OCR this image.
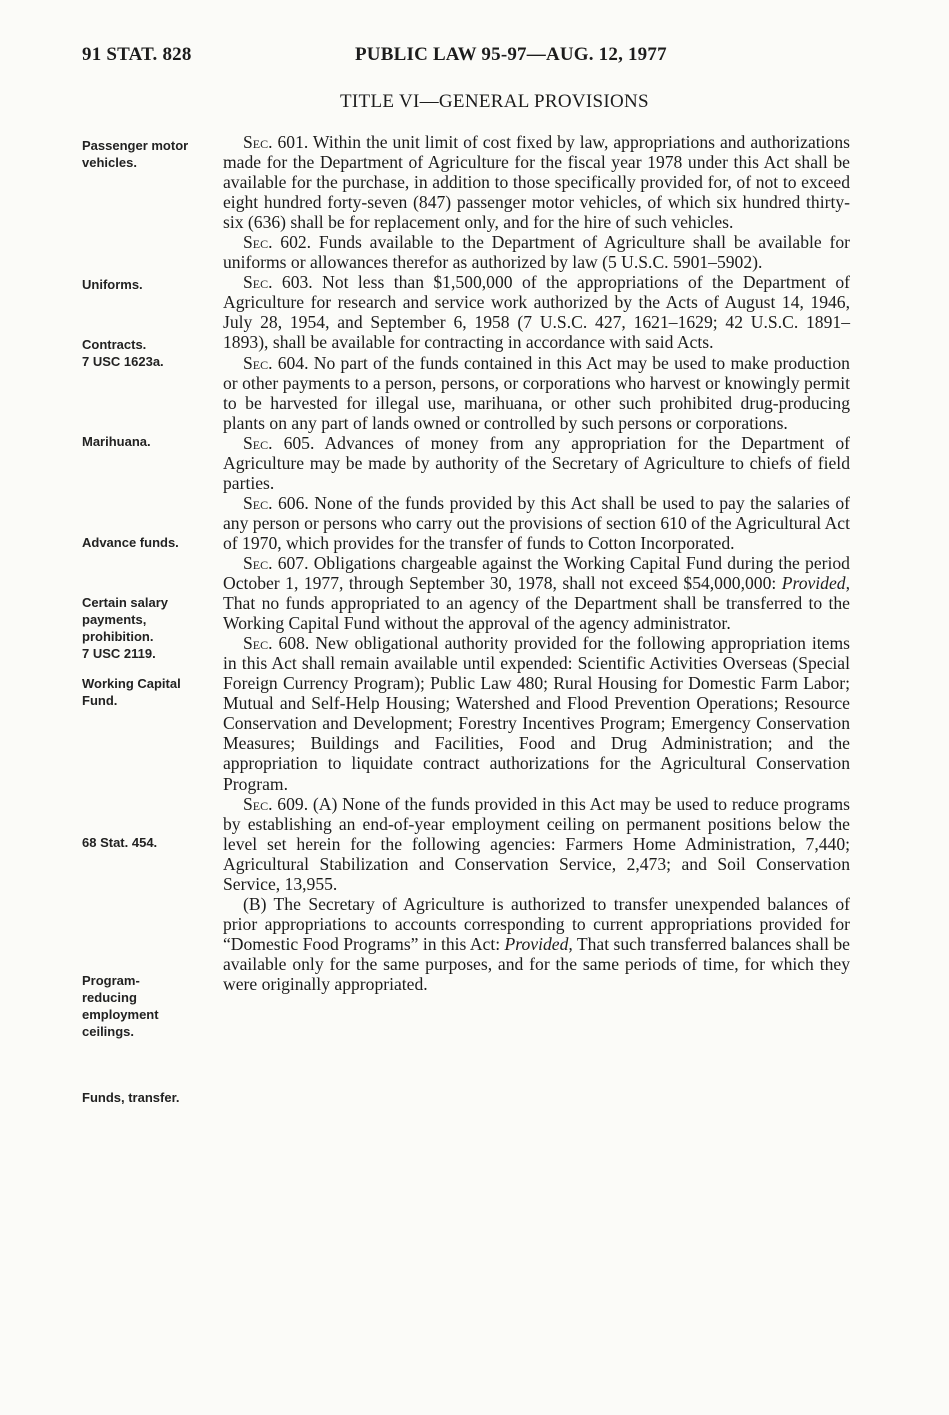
91 STAT. 828	PUBLIC LAW 95-97—AUG. 12, 1977
TITLE VI—GENERAL PROVISIONS
Passenger motor vehicles.
Uniforms.
Contracts.
7 USC 1623a.
Marihuana.
Advance funds.
Certain salary payments, prohibition.
7 USC 2119.
Working Capital Fund.
68 Stat. 454.
Program-reducing employment ceilings.
Funds, transfer.

Sec. 601. Within the unit limit of cost fixed by law, appropriations and authorizations made for the Department of Agriculture for the fiscal year 1978 under this Act shall be available for the purchase, in addition to those specifically provided for, of not to exceed eight hundred forty-seven (847) passenger motor vehicles, of which six hundred thirty-six (636) shall be for replacement only, and for the hire of such vehicles.

Sec. 602. Funds available to the Department of Agriculture shall be available for uniforms or allowances therefor as authorized by law (5 U.S.C. 5901–5902).

Sec. 603. Not less than $1,500,000 of the appropriations of the Department of Agriculture for research and service work authorized by the Acts of August 14, 1946, July 28, 1954, and September 6, 1958 (7 U.S.C. 427, 1621–1629; 42 U.S.C. 1891–1893), shall be available for contracting in accordance with said Acts.

Sec. 604. No part of the funds contained in this Act may be used to make production or other payments to a person, persons, or corporations who harvest or knowingly permit to be harvested for illegal use, marihuana, or other such prohibited drug-producing plants on any part of lands owned or controlled by such persons or corporations.

Sec. 605. Advances of money from any appropriation for the Department of Agriculture may be made by authority of the Secretary of Agriculture to chiefs of field parties.

Sec. 606. None of the funds provided by this Act shall be used to pay the salaries of any person or persons who carry out the provisions of section 610 of the Agricultural Act of 1970, which provides for the transfer of funds to Cotton Incorporated.

Sec. 607. Obligations chargeable against the Working Capital Fund during the period October 1, 1977, through September 30, 1978, shall not exceed $54,000,000: Provided, That no funds appropriated to an agency of the Department shall be transferred to the Working Capital Fund without the approval of the agency administrator.

Sec. 608. New obligational authority provided for the following appropriation items in this Act shall remain available until expended: Scientific Activities Overseas (Special Foreign Currency Program); Public Law 480; Rural Housing for Domestic Farm Labor; Mutual and Self-Help Housing; Watershed and Flood Prevention Operations; Resource Conservation and Development; Forestry Incentives Program; Emergency Conservation Measures; Buildings and Facilities, Food and Drug Administration; and the appropriation to liquidate contract authorizations for the Agricultural Conservation Program.

Sec. 609. (A) None of the funds provided in this Act may be used to reduce programs by establishing an end-of-year employment ceiling on permanent positions below the level set herein for the following agencies: Farmers Home Administration, 7,440; Agricultural Stabilization and Conservation Service, 2,473; and Soil Conservation Service, 13,955.

(B) The Secretary of Agriculture is authorized to transfer unexpended balances of prior appropriations to accounts corresponding to current appropriations provided for “Domestic Food Programs” in this Act: Provided, That such transferred balances shall be available only for the same purposes, and for the same periods of time, for which they were originally appropriated.
